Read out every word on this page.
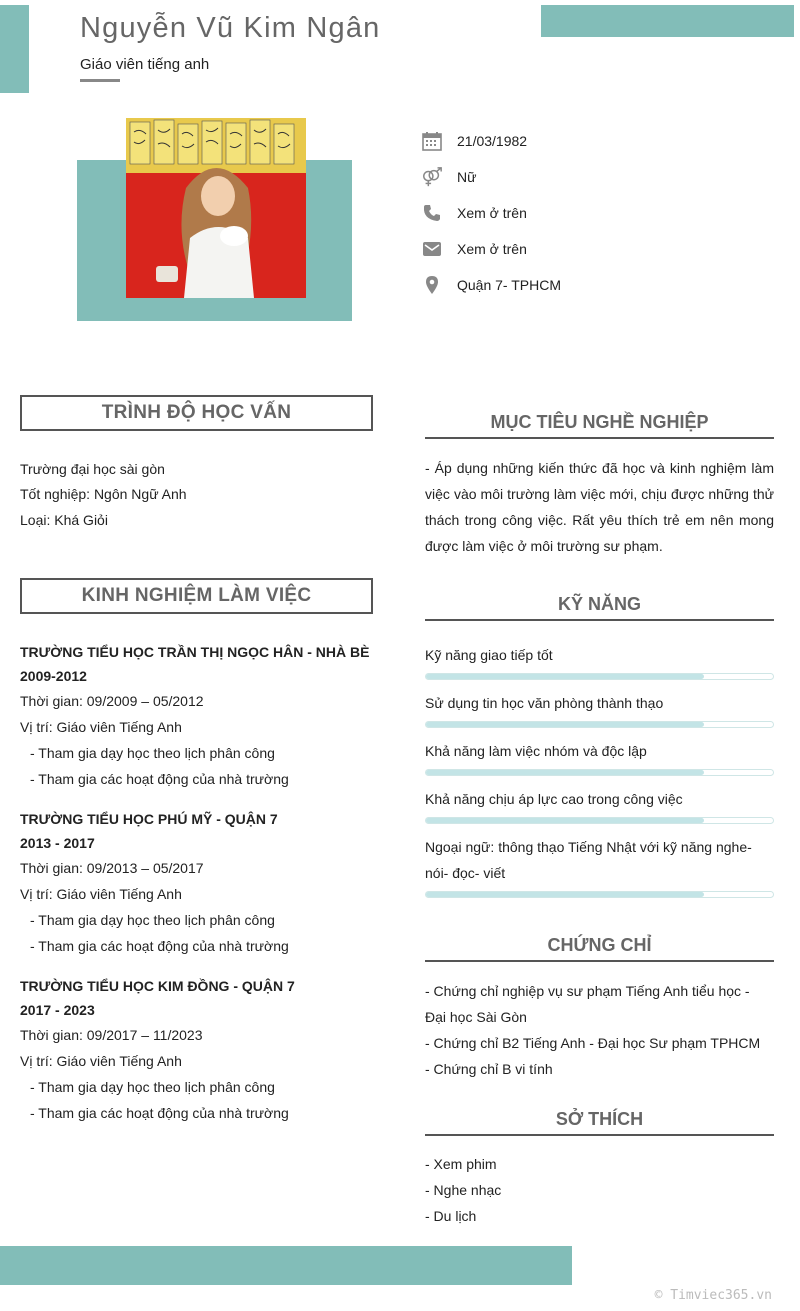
Nguyễn Vũ Kim Ngân
Giáo viên tiếng anh
21/03/1982
Nữ
Xem ở trên
Xem ở trên
Quận 7- TPHCM
TRÌNH ĐỘ HỌC VẤN
Trường đại học sài gòn
Tốt nghiệp: Ngôn Ngữ Anh
Loại: Khá Giỏi
KINH NGHIỆM LÀM VIỆC
TRƯỜNG TIỂU HỌC TRẦN THỊ NGỌC HÂN - NHÀ BÈ
2009-2012
Thời gian: 09/2009 – 05/2012
Vị trí: Giáo viên Tiếng Anh
- Tham gia dạy học theo lịch phân công
- Tham gia các hoạt động của nhà trường
TRƯỜNG TIỂU HỌC PHÚ MỸ - QUẬN 7
2013 - 2017
Thời gian: 09/2013 – 05/2017
Vị trí: Giáo viên Tiếng Anh
- Tham gia dạy học theo lịch phân công
- Tham gia các hoạt động của nhà trường
TRƯỜNG TIỂU HỌC KIM ĐỒNG - QUẬN 7
2017 - 2023
Thời gian: 09/2017 – 11/2023
Vị trí: Giáo viên Tiếng Anh
- Tham gia dạy học theo lịch phân công
- Tham gia các hoạt động của nhà trường
MỤC TIÊU NGHỀ NGHIỆP
- Áp dụng những kiến thức đã học và kinh nghiệm làm việc vào môi trường làm việc mới, chịu được những thử thách trong công việc. Rất yêu thích trẻ em nên mong được làm việc ở môi trường sư phạm.
KỸ NĂNG
Kỹ năng giao tiếp tốt
Sử dụng tin học văn phòng thành thạo
Khả năng làm việc nhóm và độc lập
Khả năng chịu áp lực cao trong công việc
Ngoại ngữ: thông thạo Tiếng Nhật với kỹ năng nghe- nói- đọc- viết
CHỨNG CHỈ
- Chứng chỉ nghiệp vụ sư phạm Tiếng Anh tiểu học - Đại học Sài Gòn
- Chứng chỉ B2 Tiếng Anh - Đại học Sư phạm TPHCM
- Chứng chỉ B vi tính
SỞ THÍCH
- Xem phim
- Nghe nhạc
- Du lịch
© Timviec365.vn
